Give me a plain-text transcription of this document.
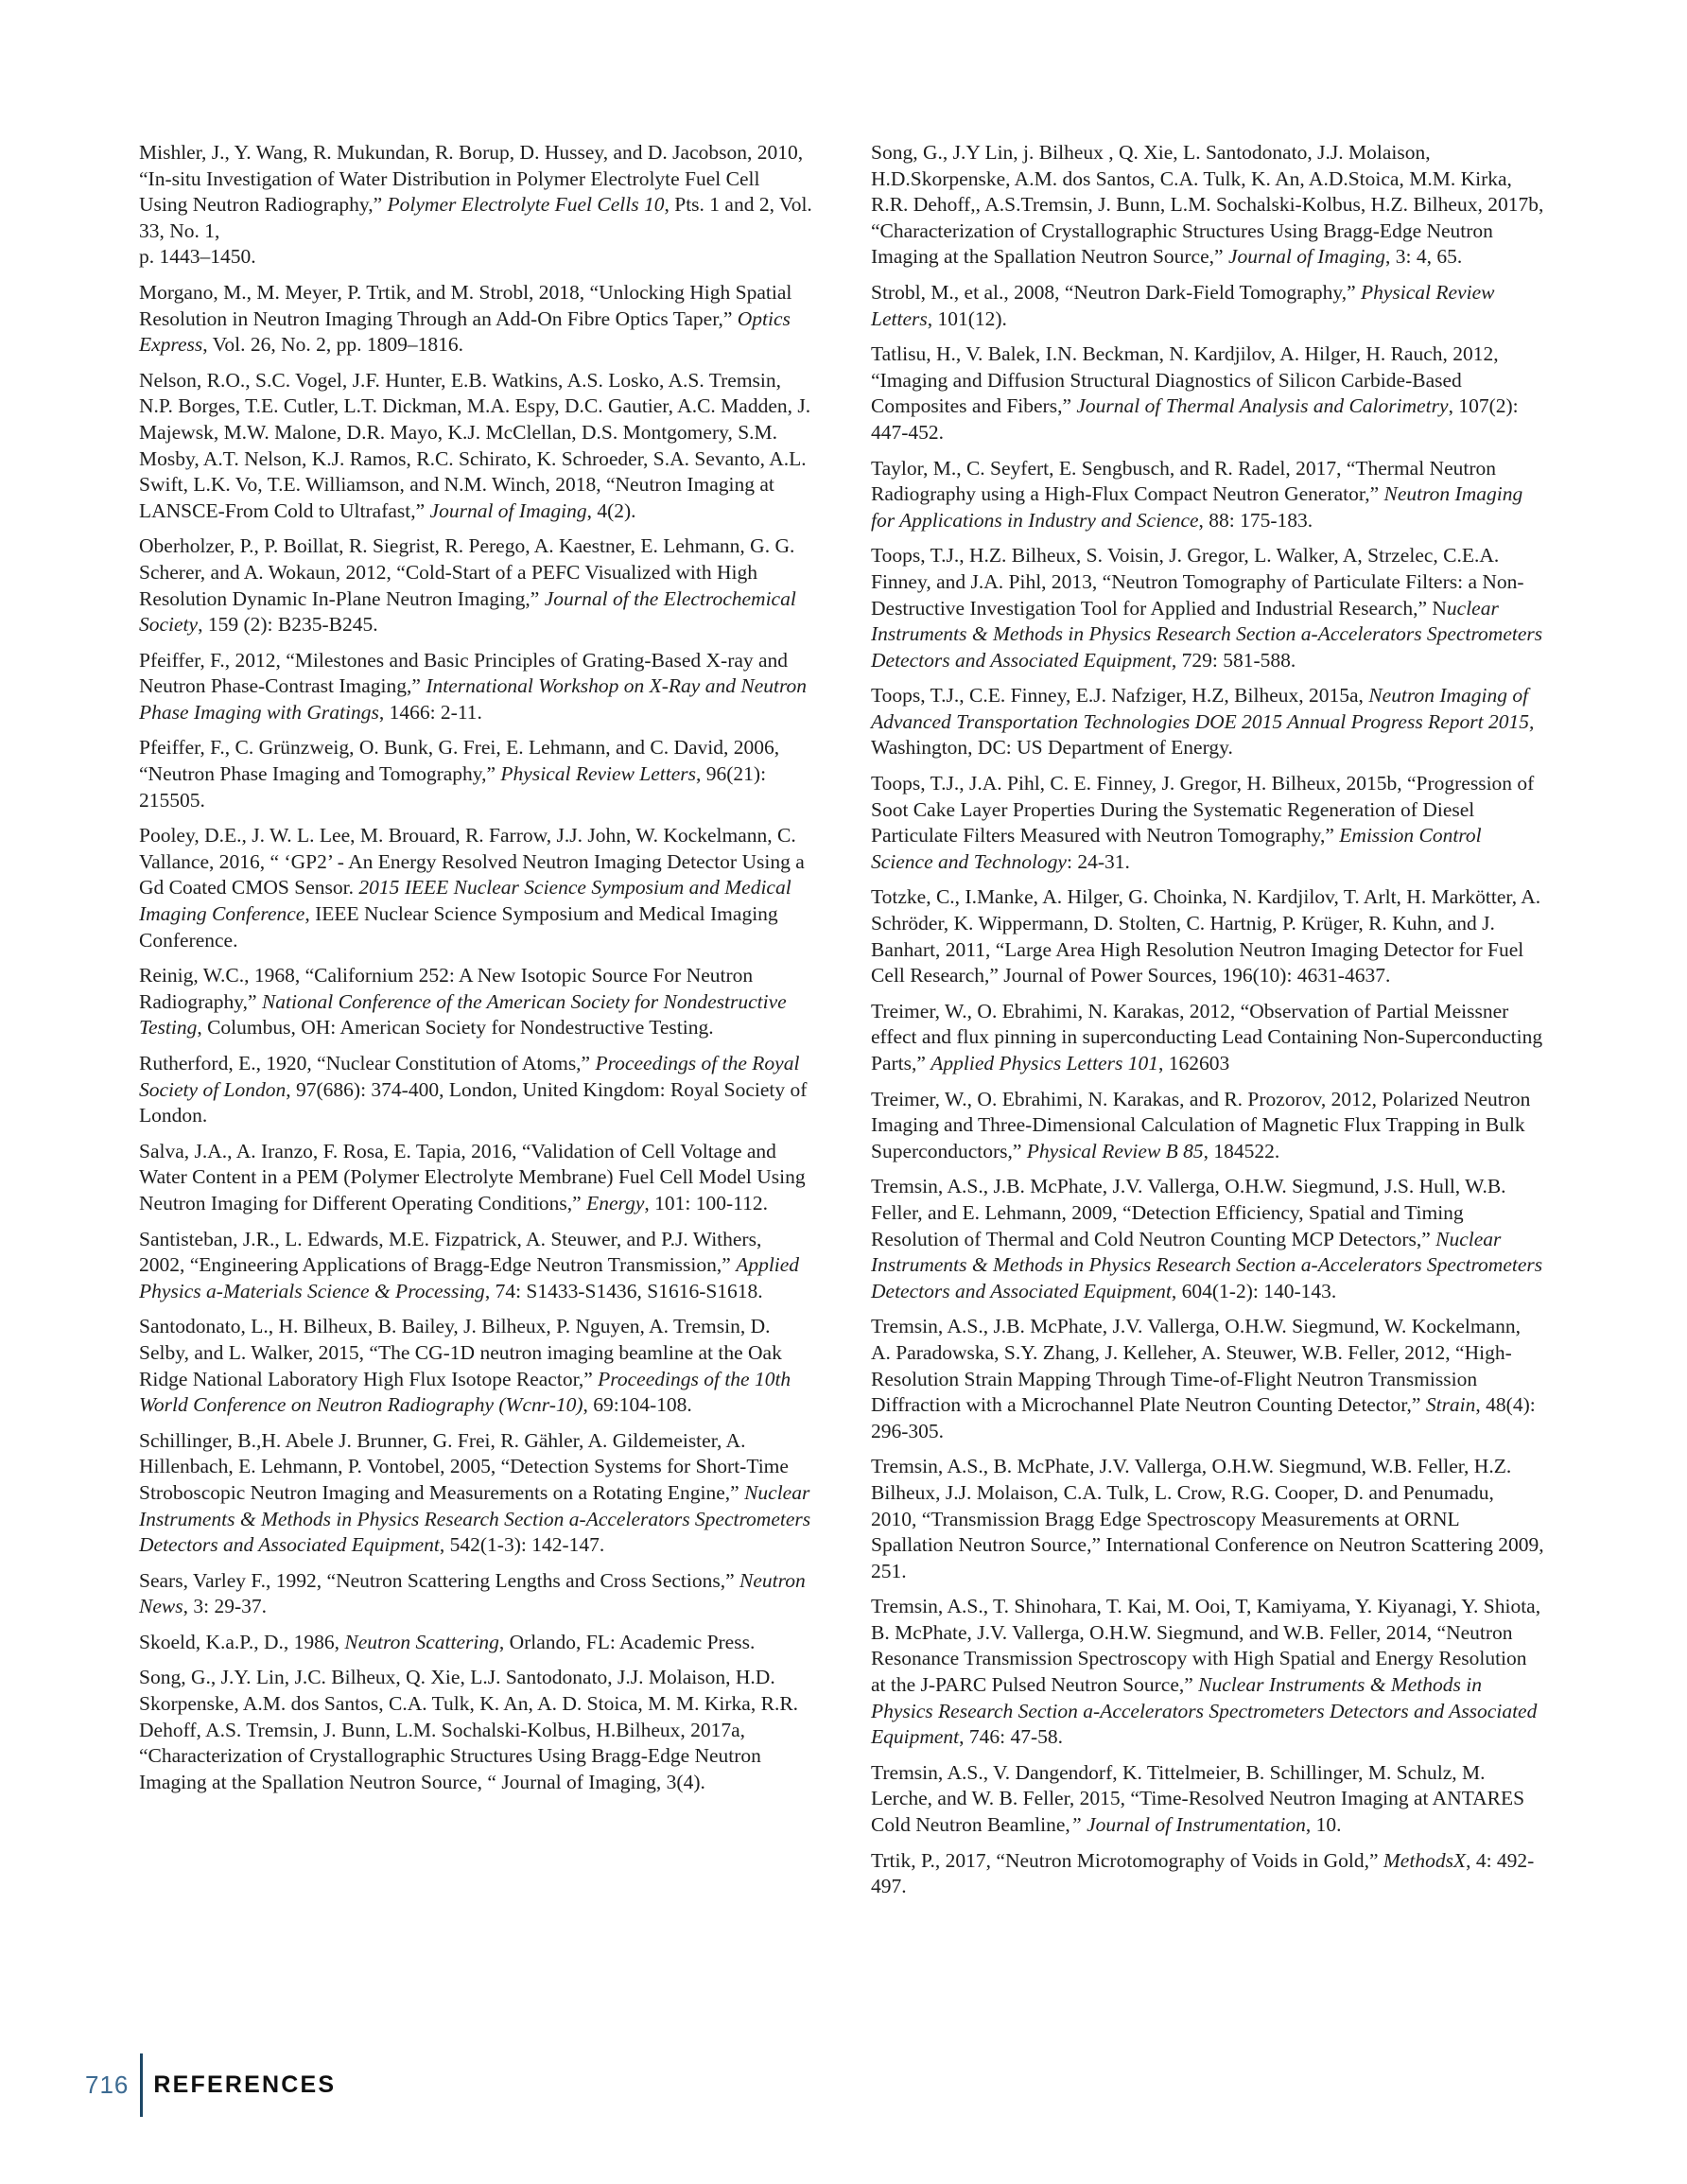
Mishler, J., Y. Wang, R. Mukundan, R. Borup, D. Hussey, and D. Jacobson, 2010, “In-situ Investigation of Water Distribution in Polymer Electrolyte Fuel Cell Using Neutron Radiography,” Polymer Electrolyte Fuel Cells 10, Pts. 1 and 2, Vol. 33, No. 1,
p. 1443–1450.

Morgano, M., M. Meyer, P. Trtik, and M. Strobl, 2018, “Unlocking High Spatial Resolution in Neutron Imaging Through an Add-On Fibre Optics Taper,” Optics Express, Vol. 26, No. 2, pp. 1809–1816.

Nelson, R.O., S.C. Vogel, J.F. Hunter, E.B. Watkins, A.S. Losko, A.S. Tremsin, N.P. Borges, T.E. Cutler, L.T. Dickman, M.A. Espy, D.C. Gautier, A.C. Madden, J. Majewsk, M.W. Malone, D.R. Mayo, K.J. McClellan, D.S. Montgomery, S.M. Mosby, A.T. Nelson, K.J. Ramos, R.C. Schirato, K. Schroeder, S.A. Sevanto, A.L. Swift, L.K. Vo, T.E. Williamson, and N.M. Winch, 2018, “Neutron Imaging at LANSCE-From Cold to Ultrafast,” Journal of Imaging, 4(2).

Oberholzer, P., P. Boillat, R. Siegrist, R. Perego, A. Kaestner, E. Lehmann, G. G. Scherer, and A. Wokaun, 2012, “Cold-Start of a PEFC Visualized with High Resolution Dynamic In-Plane Neutron Imaging,” Journal of the Electrochemical Society, 159 (2): B235-B245.

Pfeiffer, F., 2012, “Milestones and Basic Principles of Grating-Based X-ray and Neutron Phase-Contrast Imaging,” International Workshop on X-Ray and Neutron Phase Imaging with Gratings, 1466: 2-11.

Pfeiffer, F., C. Grünzweig, O. Bunk, G. Frei, E. Lehmann, and C. David, 2006, “Neutron Phase Imaging and Tomography,” Physical Review Letters, 96(21): 215505.

Pooley, D.E., J. W. L. Lee, M. Brouard, R. Farrow, J.J. John, W. Kockelmann, C. Vallance, 2016, “ ‘GP2’ - An Energy Resolved Neutron Imaging Detector Using a Gd Coated CMOS Sensor. 2015 IEEE Nuclear Science Symposium and Medical Imaging Conference, IEEE Nuclear Science Symposium and Medical Imaging Conference.

Reinig, W.C., 1968, “Californium 252: A New Isotopic Source For Neutron Radiography,” National Conference of the American Society for Nondestructive Testing, Columbus, OH: American Society for Nondestructive Testing.

Rutherford, E., 1920, “Nuclear Constitution of Atoms,” Proceedings of the Royal Society of London, 97(686): 374-400, London, United Kingdom: Royal Society of London.

Salva, J.A., A. Iranzo, F. Rosa, E. Tapia, 2016, “Validation of Cell Voltage and Water Content in a PEM (Polymer Electrolyte Membrane) Fuel Cell Model Using Neutron Imaging for Different Operating Conditions,” Energy, 101: 100-112.

Santisteban, J.R., L. Edwards, M.E. Fizpatrick, A. Steuwer, and P.J. Withers, 2002, “Engineering Applications of Bragg-Edge Neutron Transmission,” Applied Physics a-Materials Science & Processing, 74: S1433-S1436, S1616-S1618.

Santodonato, L., H. Bilheux, B. Bailey, J. Bilheux, P. Nguyen, A. Tremsin, D. Selby, and L. Walker, 2015, “The CG-1D neutron imaging beamline at the Oak Ridge National Laboratory High Flux Isotope Reactor,” Proceedings of the 10th World Conference on Neutron Radiography (Wcnr-10), 69:104-108.

Schillinger, B.,H. Abele J. Brunner, G. Frei, R. Gähler, A. Gildemeister, A. Hillenbach, E. Lehmann, P. Vontobel, 2005, “Detection Systems for Short-Time Stroboscopic Neutron Imaging and Measurements on a Rotating Engine,” Nuclear Instruments & Methods in Physics Research Section a-Accelerators Spectrometers Detectors and Associated Equipment, 542(1-3): 142-147.

Sears, Varley F., 1992, “Neutron Scattering Lengths and Cross Sections,” Neutron News, 3: 29-37.

Skoeld, K.a.P., D., 1986, Neutron Scattering, Orlando, FL: Academic Press.

Song, G., J.Y. Lin, J.C. Bilheux, Q. Xie, L.J. Santodonato, J.J. Molaison, H.D. Skorpenske, A.M. dos Santos, C.A. Tulk, K. An, A. D. Stoica, M. M. Kirka, R.R. Dehoff, A.S. Tremsin, J. Bunn, L.M. Sochalski-Kolbus, H.Bilheux, 2017a, “Characterization of Crystallographic Structures Using Bragg-Edge Neutron Imaging at the Spallation Neutron Source, “ Journal of Imaging, 3(4).

Song, G., J.Y Lin, j. Bilheux , Q. Xie, L. Santodonato, J.J. Molaison, H.D.Skorpenske, A.M. dos Santos, C.A. Tulk, K. An, A.D.Stoica, M.M. Kirka, R.R. Dehoff,, A.S.Tremsin, J. Bunn, L.M. Sochalski-Kolbus, H.Z. Bilheux, 2017b, “Characterization of Crystallographic Structures Using Bragg-Edge Neutron Imaging at the Spallation Neutron Source,” Journal of Imaging, 3: 4, 65.

Strobl, M., et al., 2008, “Neutron Dark-Field Tomography,” Physical Review Letters, 101(12).

Tatlisu, H., V. Balek, I.N. Beckman, N. Kardjilov, A. Hilger, H. Rauch, 2012, “Imaging and Diffusion Structural Diagnostics of Silicon Carbide-Based Composites and Fibers,” Journal of Thermal Analysis and Calorimetry, 107(2): 447-452.

Taylor, M., C. Seyfert, E. Sengbusch, and R. Radel, 2017, “Thermal Neutron Radiography using a High-Flux Compact Neutron Generator,” Neutron Imaging for Applications in Industry and Science, 88: 175-183.

Toops, T.J., H.Z. Bilheux, S. Voisin, J. Gregor, L. Walker, A, Strzelec, C.E.A. Finney, and J.A. Pihl, 2013, “Neutron Tomography of Particulate Filters: a Non-Destructive Investigation Tool for Applied and Industrial Research,” Nuclear Instruments & Methods in Physics Research Section a-Accelerators Spectrometers Detectors and Associated Equipment, 729: 581-588.

Toops, T.J., C.E. Finney, E.J. Nafziger, H.Z, Bilheux, 2015a, Neutron Imaging of Advanced Transportation Technologies DOE 2015 Annual Progress Report 2015, Washington, DC: US Department of Energy.

Toops, T.J., J.A. Pihl, C. E. Finney, J. Gregor, H. Bilheux, 2015b, “Progression of Soot Cake Layer Properties During the Systematic Regeneration of Diesel Particulate Filters Measured with Neutron Tomography,” Emission Control Science and Technology: 24-31.

Totzke, C., I.Manke, A. Hilger, G. Choinka, N. Kardjilov, T. Arlt, H. Markötter, A. Schröder, K. Wippermann, D. Stolten, C. Hartnig, P. Krüger, R. Kuhn, and J. Banhart, 2011, “Large Area High Resolution Neutron Imaging Detector for Fuel Cell Research,” Journal of Power Sources, 196(10): 4631-4637.

Treimer, W., O. Ebrahimi, N. Karakas, 2012, “Observation of Partial Meissner effect and flux pinning in superconducting Lead Containing Non-Superconducting Parts,” Applied Physics Letters 101, 162603

Treimer, W., O. Ebrahimi, N. Karakas, and R. Prozorov, 2012, Polarized Neutron Imaging and Three-Dimensional Calculation of Magnetic Flux Trapping in Bulk Superconductors,” Physical Review B 85, 184522.

Tremsin, A.S., J.B. McPhate, J.V. Vallerga, O.H.W. Siegmund, J.S. Hull, W.B. Feller, and E. Lehmann, 2009, “Detection Efficiency, Spatial and Timing Resolution of Thermal and Cold Neutron Counting MCP Detectors,” Nuclear Instruments & Methods in Physics Research Section a-Accelerators Spectrometers Detectors and Associated Equipment, 604(1-2): 140-143.

Tremsin, A.S., J.B. McPhate, J.V. Vallerga, O.H.W. Siegmund, W. Kockelmann, A. Paradowska, S.Y. Zhang, J. Kelleher, A. Steuwer, W.B. Feller, 2012, “High-Resolution Strain Mapping Through Time-of-Flight Neutron Transmission Diffraction with a Microchannel Plate Neutron Counting Detector,” Strain, 48(4): 296-305.

Tremsin, A.S., B. McPhate, J.V. Vallerga, O.H.W. Siegmund, W.B. Feller, H.Z. Bilheux, J.J. Molaison, C.A. Tulk, L. Crow, R.G. Cooper, D. and Penumadu, 2010, “Transmission Bragg Edge Spectroscopy Measurements at ORNL Spallation Neutron Source,” International Conference on Neutron Scattering 2009, 251.

Tremsin, A.S., T. Shinohara, T. Kai, M. Ooi, T, Kamiyama, Y. Kiyanagi, Y. Shiota, B. McPhate, J.V. Vallerga, O.H.W. Siegmund, and W.B. Feller, 2014, “Neutron Resonance Transmission Spectroscopy with High Spatial and Energy Resolution at the J-PARC Pulsed Neutron Source,” Nuclear Instruments & Methods in Physics Research Section a-Accelerators Spectrometers Detectors and Associated Equipment, 746: 47-58.

Tremsin, A.S., V. Dangendorf, K. Tittelmeier, B. Schillinger, M. Schulz, M. Lerche, and W. B. Feller, 2015, “Time-Resolved Neutron Imaging at ANTARES Cold Neutron Beamline,” Journal of Instrumentation, 10.

Trtik, P., 2017, “Neutron Microtomography of Voids in Gold,” MethodsX, 4: 492-497.

716 REFERENCES
